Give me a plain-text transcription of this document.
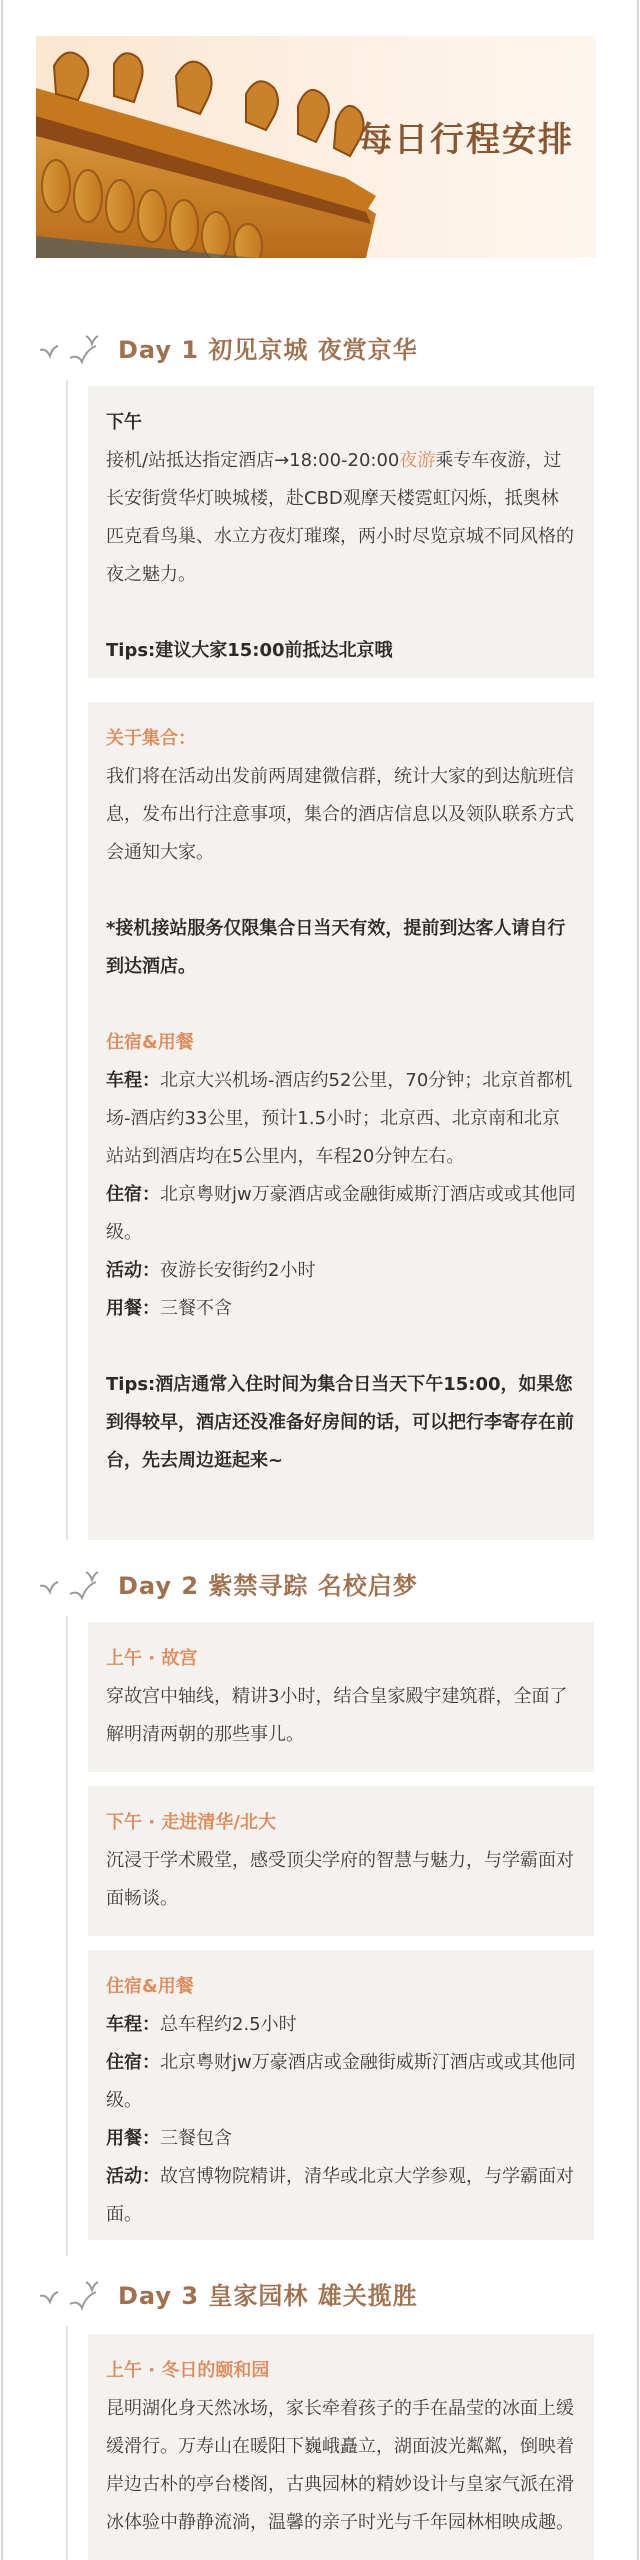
每日行程安排
Day 1 初见京城 夜赏京华

下午

接机/站抵达指定酒店→18:00-20:00夜游乘专车夜游，过长安街赏华灯映城楼，赴CBD观摩天楼霓虹闪烁，抵奥林匹克看鸟巢、水立方夜灯璀璨，两小时尽览京城不同风格的夜之魅力。

Tips:建议大家15:00前抵达北京哦

关于集合：

我们将在活动出发前两周建微信群，统计大家的到达航班信息，发布出行注意事项，集合的酒店信息以及领队联系方式会通知大家。

*接机接站服务仅限集合日当天有效，提前到达客人请自行到达酒店。

住宿&用餐

车程：北京大兴机场-酒店约52公里，70分钟；北京首都机场-酒店约33公里，预计1.5小时；北京西、北京南和北京站站到酒店均在5公里内，车程20分钟左右。

住宿：北京粤财jw万豪酒店或金融街威斯汀酒店或或其他同级。

活动：夜游长安街约2小时

用餐：三餐不含

Tips:酒店通常入住时间为集合日当天下午15:00，如果您到得较早，酒店还没准备好房间的话，可以把行李寄存在前台，先去周边逛起来~

Day 2 紫禁寻踪 名校启梦

上午 · 故宫

穿故宫中轴线，精讲3小时，结合皇家殿宇建筑群，全面了解明清两朝的那些事儿。

下午 · 走进清华/北大

沉浸于学术殿堂，感受顶尖学府的智慧与魅力，与学霸面对面畅谈。

住宿&用餐

车程：总车程约2.5小时

住宿：北京粤财jw万豪酒店或金融街威斯汀酒店或或其他同级。

用餐：三餐包含

活动：故宫博物院精讲，清华或北京大学参观，与学霸面对面。

Day 3 皇家园林 雄关揽胜

上午 · 冬日的颐和园

昆明湖化身天然冰场，家长牵着孩子的手在晶莹的冰面上缓缓滑行。万寿山在暖阳下巍峨矗立，湖面波光粼粼，倒映着岸边古朴的亭台楼阁，古典园林的精妙设计与皇家气派在滑冰体验中静静流淌，温馨的亲子时光与千年园林相映成趣。
